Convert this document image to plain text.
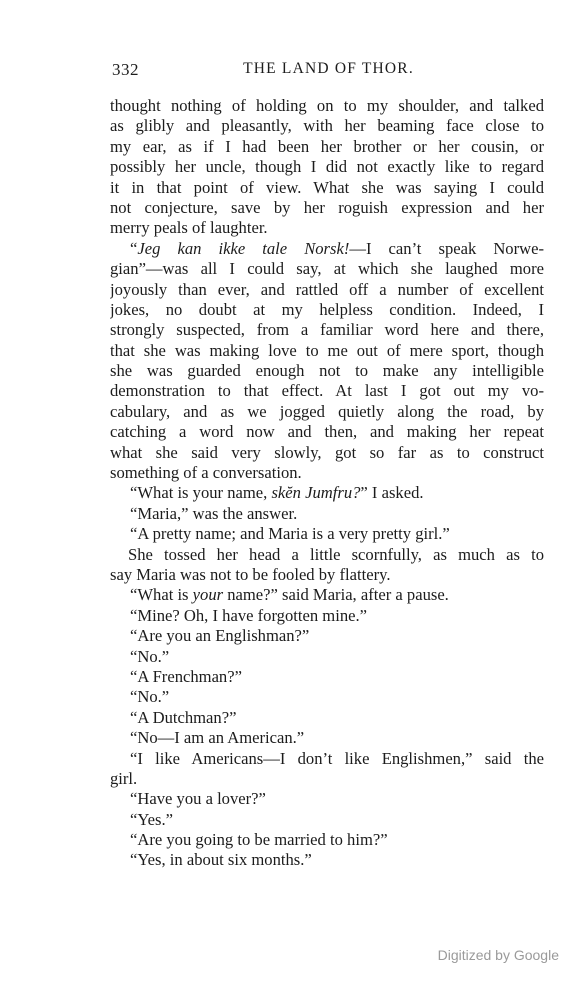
332	THE LAND OF THOR.
thought nothing of holding on to my shoulder, and talked
as glibly and pleasantly, with her beaming face close to
my ear, as if I had been her brother or her cousin, or
possibly her uncle, though I did not exactly like to regard
it in that point of view. What she was saying I could
not conjecture, save by her roguish expression and her
merry peals of laughter.
“Jeg kan ikke tale Norsk!—I can’t speak Norwe-
gian”—was all I could say, at which she laughed more
joyously than ever, and rattled off a number of excellent
jokes, no doubt at my helpless condition. Indeed, I
strongly suspected, from a familiar word here and there,
that she was making love to me out of mere sport, though
she was guarded enough not to make any intelligible
demonstration to that effect. At last I got out my vo-
cabulary, and as we jogged quietly along the road, by
catching a word now and then, and making her repeat
what she said very slowly, got so far as to construct
something of a conversation.
“What is your name, skĕn Jumfru?” I asked.
“Maria,” was the answer.
“A pretty name; and Maria is a very pretty girl.”
She tossed her head a little scornfully, as much as to
say Maria was not to be fooled by flattery.
“What is your name?” said Maria, after a pause.
“Mine? Oh, I have forgotten mine.”
“Are you an Englishman?”
“No.”
“A Frenchman?”
“No.”
“A Dutchman?”
“No—I am an American.”
“I like Americans—I don’t like Englishmen,” said the
girl.
“Have you a lover?”
“Yes.”
“Are you going to be married to him?”
“Yes, in about six months.”
Digitized by Google
